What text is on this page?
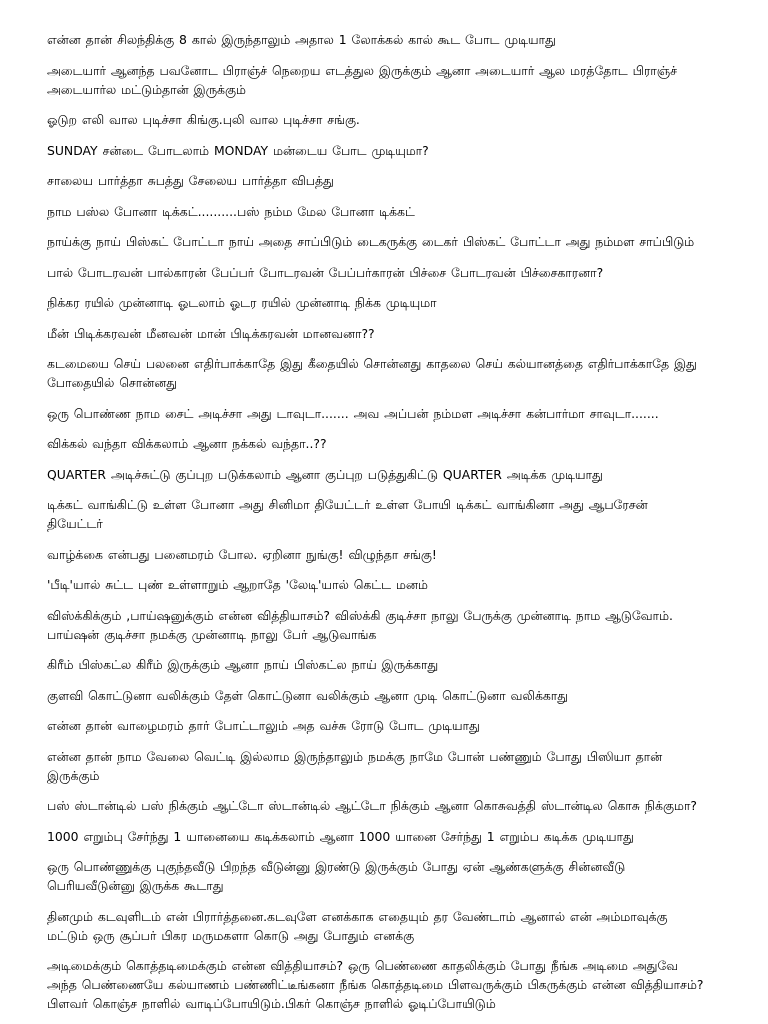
என்ன தான் சிலந்திக்கு 8 கால் இருந்தாலும் அதால 1 லோக்கல் கால் கூட போட முடியாது

அடையார் ஆனந்த பவனோட பிராஞ்ச் நெறைய எடத்துல இருக்கும் ஆனா அடையார் ஆல மரத்தோட பிராஞ்ச் அடையார்ல மட்டும்தான் இருக்கும்

ஓடுற எலி வால புடிச்சா கிங்கு.புலி வால புடிச்சா சங்கு.

SUNDAY சன்டை போடலாம் MONDAY மன்டைய போட முடியுமா?

சாலைய பார்த்தா சுபத்து சேலைய பார்த்தா விபத்து

நாம பஸ்ல போனா டிக்கட்..........பஸ் நம்ம மேல போனா டிக்கட்

நாய்க்கு நாய் பிஸ்கட் போட்டா நாய் அதை சாப்பிடும் டைகருக்கு டைகர் பிஸ்கட் போட்டா அது நம்மள சாப்பிடும்

பால் போடரவன் பால்காரன் பேப்பர் போடரவன் பேப்பர்காரன் பிச்சை போடரவன் பிச்சைகாரனா?

நிக்கர ரயில் முன்னாடி ஓடலாம் ஓடர ரயில் முன்னாடி நிக்க முடியுமா

மீன் பிடிக்கரவன் மீனவன் மான் பிடிக்கரவன் மானவனா??

கடமையை செய் பலனை எதிர்பாக்காதே இது கீதையில் சொன்னது காதலை செய் கல்யானத்தை எதிர்பாக்காதே இது போதையில் சொன்னது

ஒரு பொண்ண நாம சைட் அடிச்சா அது டாவுடா....... அவ அப்பன் நம்மள அடிச்சா கன்பார்மா சாவுடா.......

விக்கல் வந்தா விக்கலாம் ஆனா நக்கல் வந்தா..??

QUARTER அடிச்சுட்டு குப்புற படுக்கலாம் ஆனா குப்புற படுத்துகிட்டு QUARTER அடிக்க முடியாது

டிக்கட் வாங்கிட்டு உள்ள போனா அது சினிமா தியேட்டர் உள்ள போயி டிக்கட் வாங்கினா அது ஆபரேசன் தியேட்டர்

வாழ்க்கை என்பது பனைமரம் போல. ஏறினா நுங்கு! விழுந்தா சங்கு!

'பீடி'யால் சுட்ட புண் உள்ளாறும் ஆறாதே 'லேடி'யால் கெட்ட மனம்

விஸ்க்கிக்கும் ,பாய்ஷனுக்கும் என்ன வித்தியாசம்? விஸ்க்கி குடிச்சா நாலு பேருக்கு முன்னாடி நாம ஆடுவோம். பாய்ஷன் குடிச்சா நமக்கு முன்னாடி நாலு பேர் ஆடுவாங்க

கிரீம் பிஸ்கட்ல கிரீம் இருக்கும் ஆனா நாய் பிஸ்கட்ல நாய் இருக்காது

குளவி கொட்டுனா வலிக்கும் தேள் கொட்டுனா வலிக்கும் ஆனா முடி கொட்டுனா வலிக்காது

என்ன தான் வாழைமரம் தார் போட்டாலும் அத வச்சு ரோடு போட முடியாது

என்ன தான் நாம வேலை வெட்டி இல்லாம இருந்தாலும் நமக்கு நாமே போன் பண்ணும் போது பிஸியா தான் இருக்கும்

பஸ் ஸ்டான்டில் பஸ் நிக்கும் ஆட்டோ ஸ்டான்டில் ஆட்டோ நிக்கும் ஆனா கொசுவத்தி ஸ்டான்டில கொசு நிக்குமா?

1000 எறும்பு சேர்ந்து 1 யானையை கடிக்கலாம் ஆனா 1000 யானை சேர்ந்து 1 எறும்ப கடிக்க முடியாது

ஒரு பொண்ணுக்கு புகுந்தவீடு பிறந்த வீடுன்னு இரண்டு இருக்கும் போது ஏன் ஆண்களுக்கு சின்னவீடு பெரியவீடுன்னு இருக்க கூடாது

தினமும் கடவுளிடம் என் பிரார்த்தனை.கடவுளே எனக்காக எதையும் தர வேண்டாம் ஆனால் என் அம்மாவுக்கு மட்டும் ஒரு சூப்பர் பிகர மருமகளா கொடு அது போதும் எனக்கு

அடிமைக்கும் கொத்தடிமைக்கும் என்ன வித்தியாசம்? ஒரு பெண்ணை காதலிக்கும் போது நீங்க அடிமை அதுவே அந்த பெண்ணையே கல்யாணம் பண்ணிட்டீங்கனா நீங்க கொத்தடிமை பிளவருக்கும் பிகருக்கும் என்ன வித்தியாசம்? பிளவர் கொஞ்ச நாளில் வாடிப்போயிடும்.பிகர் கொஞ்ச நாளில் ஓடிப்போயிடும்
